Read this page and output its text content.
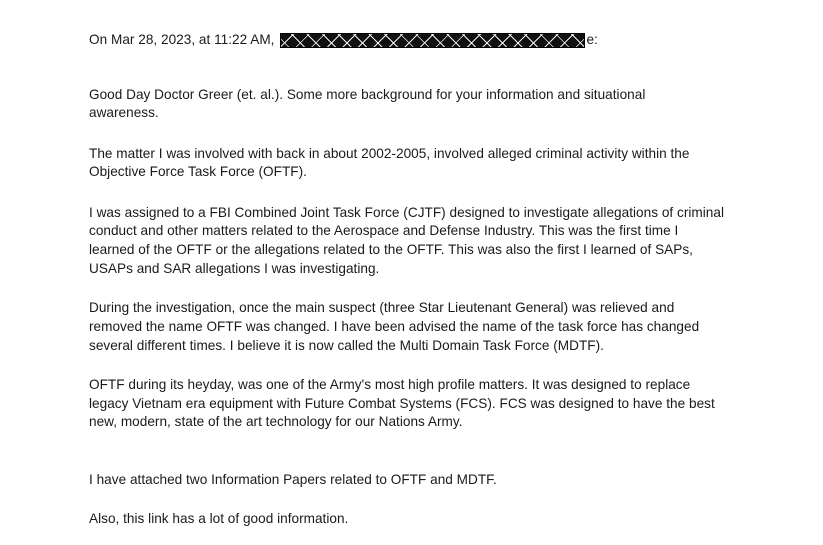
On Mar 28, 2023, at 11:22 AM,	e:
Good Day Doctor Greer (et. al.). Some more background for your information and situational
awareness.
The matter I was involved with back in about 2002-2005, involved alleged criminal activity within the
Objective Force Task Force (OFTF).
I was assigned to a FBI Combined Joint Task Force (CJTF) designed to investigate allegations of criminal
conduct and other matters related to the Aerospace and Defense Industry. This was the first time I
learned of the OFTF or the allegations related to the OFTF. This was also the first I learned of SAPs,
USAPs and SAR allegations I was investigating.
During the investigation, once the main suspect (three Star Lieutenant General) was relieved and
removed the name OFTF was changed. I have been advised the name of the task force has changed
several different times. I believe it is now called the Multi Domain Task Force (MDTF).
OFTF during its heyday, was one of the Army's most high profile matters. It was designed to replace
legacy Vietnam era equipment with Future Combat Systems (FCS). FCS was designed to have the best
new, modern, state of the art technology for our Nations Army.
I have attached two Information Papers related to OFTF and MDTF.
Also, this link has a lot of good information.
